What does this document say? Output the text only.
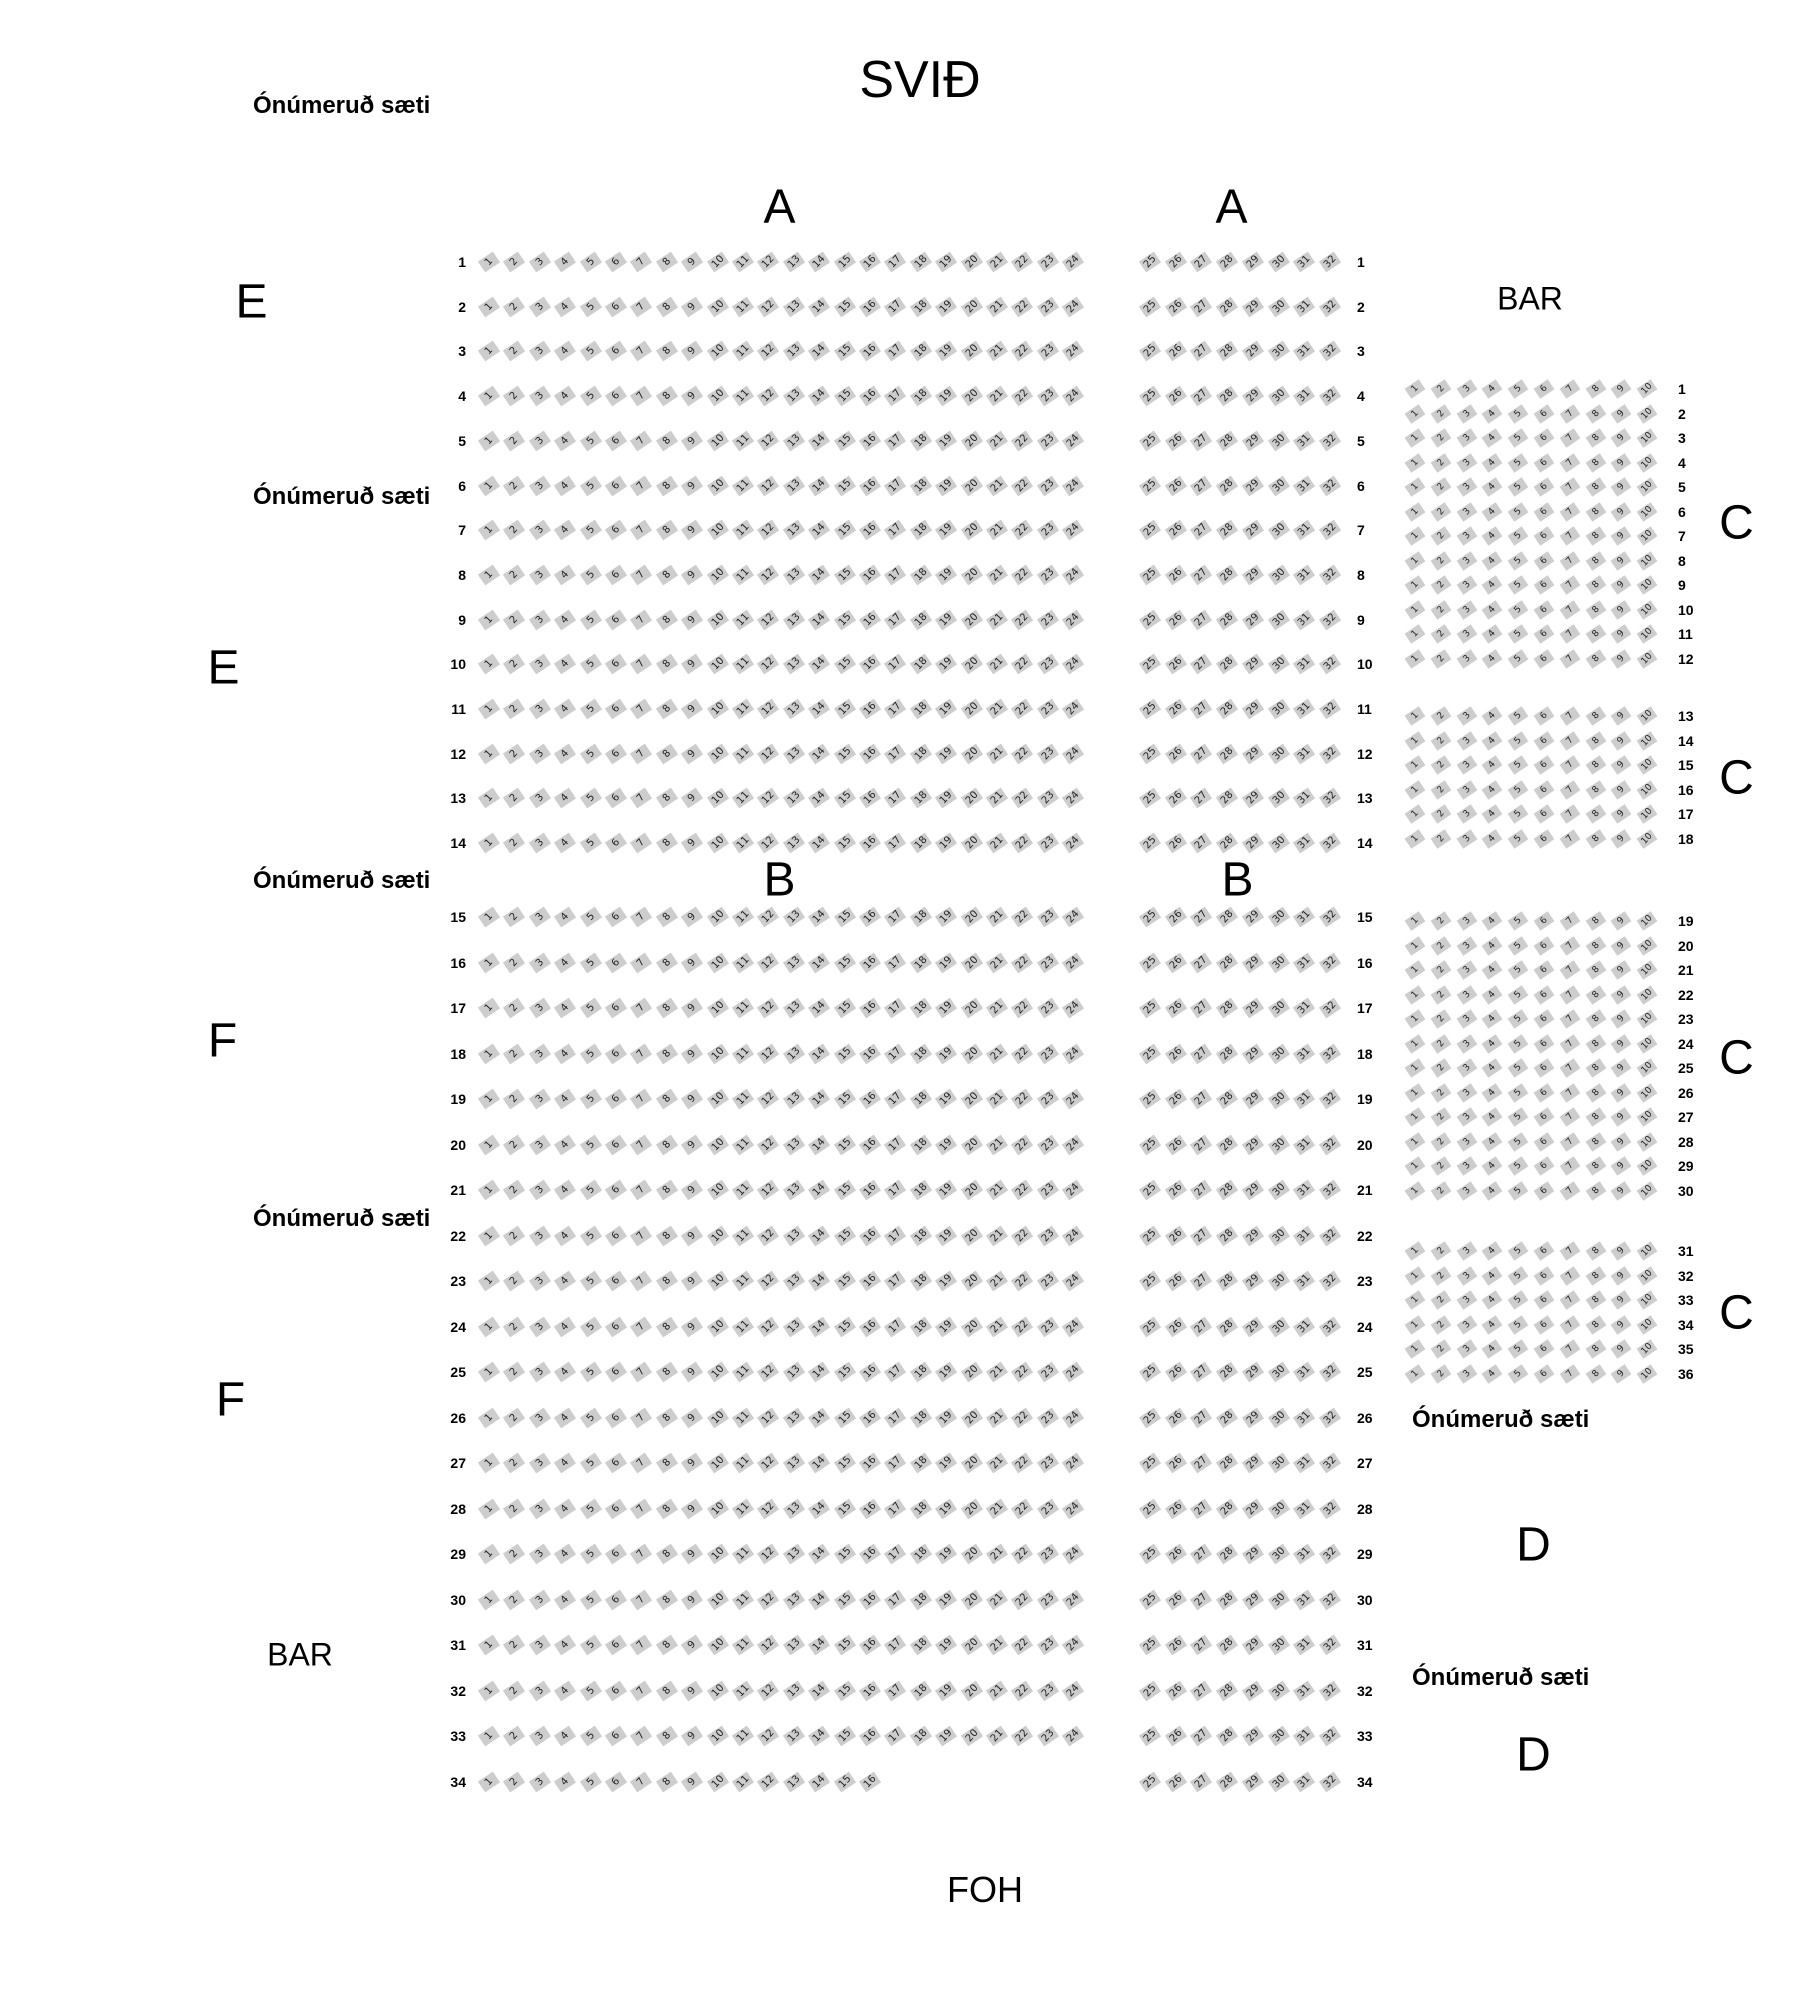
SVIÐ
Ónúmeruð sæti
A	A
B	B
E
Ónúmeruð sæti
E
Ónúmeruð sæti
F
Ónúmeruð sæti
F
BAR
BAR
C
C
C
C
Ónúmeruð sæti
D
Ónúmeruð sæti
D
FOH
1 1 2 3 4 5 6 7 8 9 10 11 12 13 14 15 16 17 18 19 20 21 22 23 24
2 1 2 3 4 5 6 7 8 9 10 11 12 13 14 15 16 17 18 19 20 21 22 23 24
3 1 2 3 4 5 6 7 8 9 10 11 12 13 14 15 16 17 18 19 20 21 22 23 24
4 1 2 3 4 5 6 7 8 9 10 11 12 13 14 15 16 17 18 19 20 21 22 23 24
5 1 2 3 4 5 6 7 8 9 10 11 12 13 14 15 16 17 18 19 20 21 22 23 24
6 1 2 3 4 5 6 7 8 9 10 11 12 13 14 15 16 17 18 19 20 21 22 23 24
7 1 2 3 4 5 6 7 8 9 10 11 12 13 14 15 16 17 18 19 20 21 22 23 24
8 1 2 3 4 5 6 7 8 9 10 11 12 13 14 15 16 17 18 19 20 21 22 23 24
9 1 2 3 4 5 6 7 8 9 10 11 12 13 14 15 16 17 18 19 20 21 22 23 24
10 1 2 3 4 5 6 7 8 9 10 11 12 13 14 15 16 17 18 19 20 21 22 23 24
11 1 2 3 4 5 6 7 8 9 10 11 12 13 14 15 16 17 18 19 20 21 22 23 24
12 1 2 3 4 5 6 7 8 9 10 11 12 13 14 15 16 17 18 19 20 21 22 23 24
13 1 2 3 4 5 6 7 8 9 10 11 12 13 14 15 16 17 18 19 20 21 22 23 24
14 1 2 3 4 5 6 7 8 9 10 11 12 13 14 15 16 17 18 19 20 21 22 23 24
15 1 2 3 4 5 6 7 8 9 10 11 12 13 14 15 16 17 18 19 20 21 22 23 24
16 1 2 3 4 5 6 7 8 9 10 11 12 13 14 15 16 17 18 19 20 21 22 23 24
17 1 2 3 4 5 6 7 8 9 10 11 12 13 14 15 16 17 18 19 20 21 22 23 24
18 1 2 3 4 5 6 7 8 9 10 11 12 13 14 15 16 17 18 19 20 21 22 23 24
19 1 2 3 4 5 6 7 8 9 10 11 12 13 14 15 16 17 18 19 20 21 22 23 24
20 1 2 3 4 5 6 7 8 9 10 11 12 13 14 15 16 17 18 19 20 21 22 23 24
21 1 2 3 4 5 6 7 8 9 10 11 12 13 14 15 16 17 18 19 20 21 22 23 24
22 1 2 3 4 5 6 7 8 9 10 11 12 13 14 15 16 17 18 19 20 21 22 23 24
23 1 2 3 4 5 6 7 8 9 10 11 12 13 14 15 16 17 18 19 20 21 22 23 24
24 1 2 3 4 5 6 7 8 9 10 11 12 13 14 15 16 17 18 19 20 21 22 23 24
25 1 2 3 4 5 6 7 8 9 10 11 12 13 14 15 16 17 18 19 20 21 22 23 24
26 1 2 3 4 5 6 7 8 9 10 11 12 13 14 15 16 17 18 19 20 21 22 23 24
27 1 2 3 4 5 6 7 8 9 10 11 12 13 14 15 16 17 18 19 20 21 22 23 24
28 1 2 3 4 5 6 7 8 9 10 11 12 13 14 15 16 17 18 19 20 21 22 23 24
29 1 2 3 4 5 6 7 8 9 10 11 12 13 14 15 16 17 18 19 20 21 22 23 24
30 1 2 3 4 5 6 7 8 9 10 11 12 13 14 15 16 17 18 19 20 21 22 23 24
31 1 2 3 4 5 6 7 8 9 10 11 12 13 14 15 16 17 18 19 20 21 22 23 24
32 1 2 3 4 5 6 7 8 9 10 11 12 13 14 15 16 17 18 19 20 21 22 23 24
33 1 2 3 4 5 6 7 8 9 10 11 12 13 14 15 16 17 18 19 20 21 22 23 24
34 1 2 3 4 5 6 7 8 9 10 11 12 13 14 15 16
25 26 27 28 29 30 31 32 1
25 26 27 28 29 30 31 32 2
25 26 27 28 29 30 31 32 3
25 26 27 28 29 30 31 32 4
25 26 27 28 29 30 31 32 5
25 26 27 28 29 30 31 32 6
25 26 27 28 29 30 31 32 7
25 26 27 28 29 30 31 32 8
25 26 27 28 29 30 31 32 9
25 26 27 28 29 30 31 32 10
25 26 27 28 29 30 31 32 11
25 26 27 28 29 30 31 32 12
25 26 27 28 29 30 31 32 13
25 26 27 28 29 30 31 32 14
25 26 27 28 29 30 31 32 15
25 26 27 28 29 30 31 32 16
25 26 27 28 29 30 31 32 17
25 26 27 28 29 30 31 32 18
25 26 27 28 29 30 31 32 19
25 26 27 28 29 30 31 32 20
25 26 27 28 29 30 31 32 21
25 26 27 28 29 30 31 32 22
25 26 27 28 29 30 31 32 23
25 26 27 28 29 30 31 32 24
25 26 27 28 29 30 31 32 25
25 26 27 28 29 30 31 32 26
25 26 27 28 29 30 31 32 27
25 26 27 28 29 30 31 32 28
25 26 27 28 29 30 31 32 29
25 26 27 28 29 30 31 32 30
25 26 27 28 29 30 31 32 31
25 26 27 28 29 30 31 32 32
25 26 27 28 29 30 31 32 33
25 26 27 28 29 30 31 32 34
1 2 3 4 5 6 7 8 9 10 1
1 2 3 4 5 6 7 8 9 10 2
1 2 3 4 5 6 7 8 9 10 3
1 2 3 4 5 6 7 8 9 10 4
1 2 3 4 5 6 7 8 9 10 5
1 2 3 4 5 6 7 8 9 10 6
1 2 3 4 5 6 7 8 9 10 7
1 2 3 4 5 6 7 8 9 10 8
1 2 3 4 5 6 7 8 9 10 9
1 2 3 4 5 6 7 8 9 10 10
1 2 3 4 5 6 7 8 9 10 11
1 2 3 4 5 6 7 8 9 10 12
1 2 3 4 5 6 7 8 9 10 13
1 2 3 4 5 6 7 8 9 10 14
1 2 3 4 5 6 7 8 9 10 15
1 2 3 4 5 6 7 8 9 10 16
1 2 3 4 5 6 7 8 9 10 17
1 2 3 4 5 6 7 8 9 10 18
1 2 3 4 5 6 7 8 9 10 19
1 2 3 4 5 6 7 8 9 10 20
1 2 3 4 5 6 7 8 9 10 21
1 2 3 4 5 6 7 8 9 10 22
1 2 3 4 5 6 7 8 9 10 23
1 2 3 4 5 6 7 8 9 10 24
1 2 3 4 5 6 7 8 9 10 25
1 2 3 4 5 6 7 8 9 10 26
1 2 3 4 5 6 7 8 9 10 27
1 2 3 4 5 6 7 8 9 10 28
1 2 3 4 5 6 7 8 9 10 29
1 2 3 4 5 6 7 8 9 10 30
1 2 3 4 5 6 7 8 9 10 31
1 2 3 4 5 6 7 8 9 10 32
1 2 3 4 5 6 7 8 9 10 33
1 2 3 4 5 6 7 8 9 10 34
1 2 3 4 5 6 7 8 9 10 35
1 2 3 4 5 6 7 8 9 10 36
